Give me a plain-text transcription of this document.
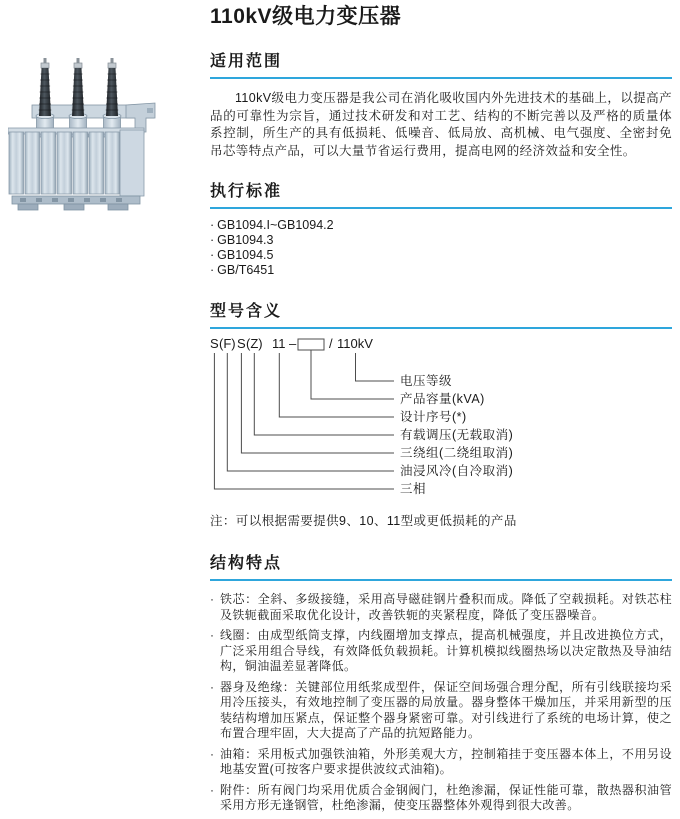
110kV级电力变压器
适用范围

110kV级电力变压器是我公司在消化吸收国内外先进技术的基础上，以提高产品的可靠性为宗旨，通过技术研发和对工艺、结构的不断完善以及严格的质量体系控制，所生产的具有低损耗、低噪音、低局放、高机械、电气强度、全密封免吊芯等特点产品，可以大量节省运行费用，提高电网的经济效益和安全性。

执行标准
· GB1094.I~GB1094.2
· GB1094.3
· GB1094.5
· GB/T6451
型号含义
S (F) S (Z) 11 –	/ 110kV
电压等级
产品容量(kVA)
设计序号(*)
有载调压(无载取消)
三绕组(二绕组取消)
油浸风冷(自冷取消)
三相

注：可以根据需要提供9、10、11型或更低损耗的产品

结构特点
· 铁芯：全斜、多级接缝，采用高导磁硅钢片叠积而成。降低了空载损耗。对铁芯柱及铁轭截面采取优化设计，改善铁轭的夹紧程度，降低了变压器噪音。
· 线圈：由成型纸筒支撑，内线圈增加支撑点，提高机械强度，并且改进换位方式，广泛采用组合导线，有效降低负载损耗。计算机模拟线圈热场以决定散热及导油结构，铜油温差显著降低。
· 器身及绝缘：关键部位用纸浆成型件，保证空间场强合理分配，所有引线联接均采用冷压接头，有效地控制了变压器的局放量。器身整体干燥加压，并采用新型的压装结构增加压紧点，保证整个器身紧密可靠。对引线进行了系统的电场计算，使之布置合理牢固，大大提高了产品的抗短路能力。
· 油箱：采用板式加强铁油箱，外形美观大方，控制箱挂于变压器本体上，不用另设地基安置(可按客户要求提供波纹式油箱)。
· 附件：所有阀门均采用优质合金钢阀门，杜绝渗漏，保证性能可靠，散热器积油管采用方形无逢钢管，杜绝渗漏，使变压器整体外观得到很大改善。
